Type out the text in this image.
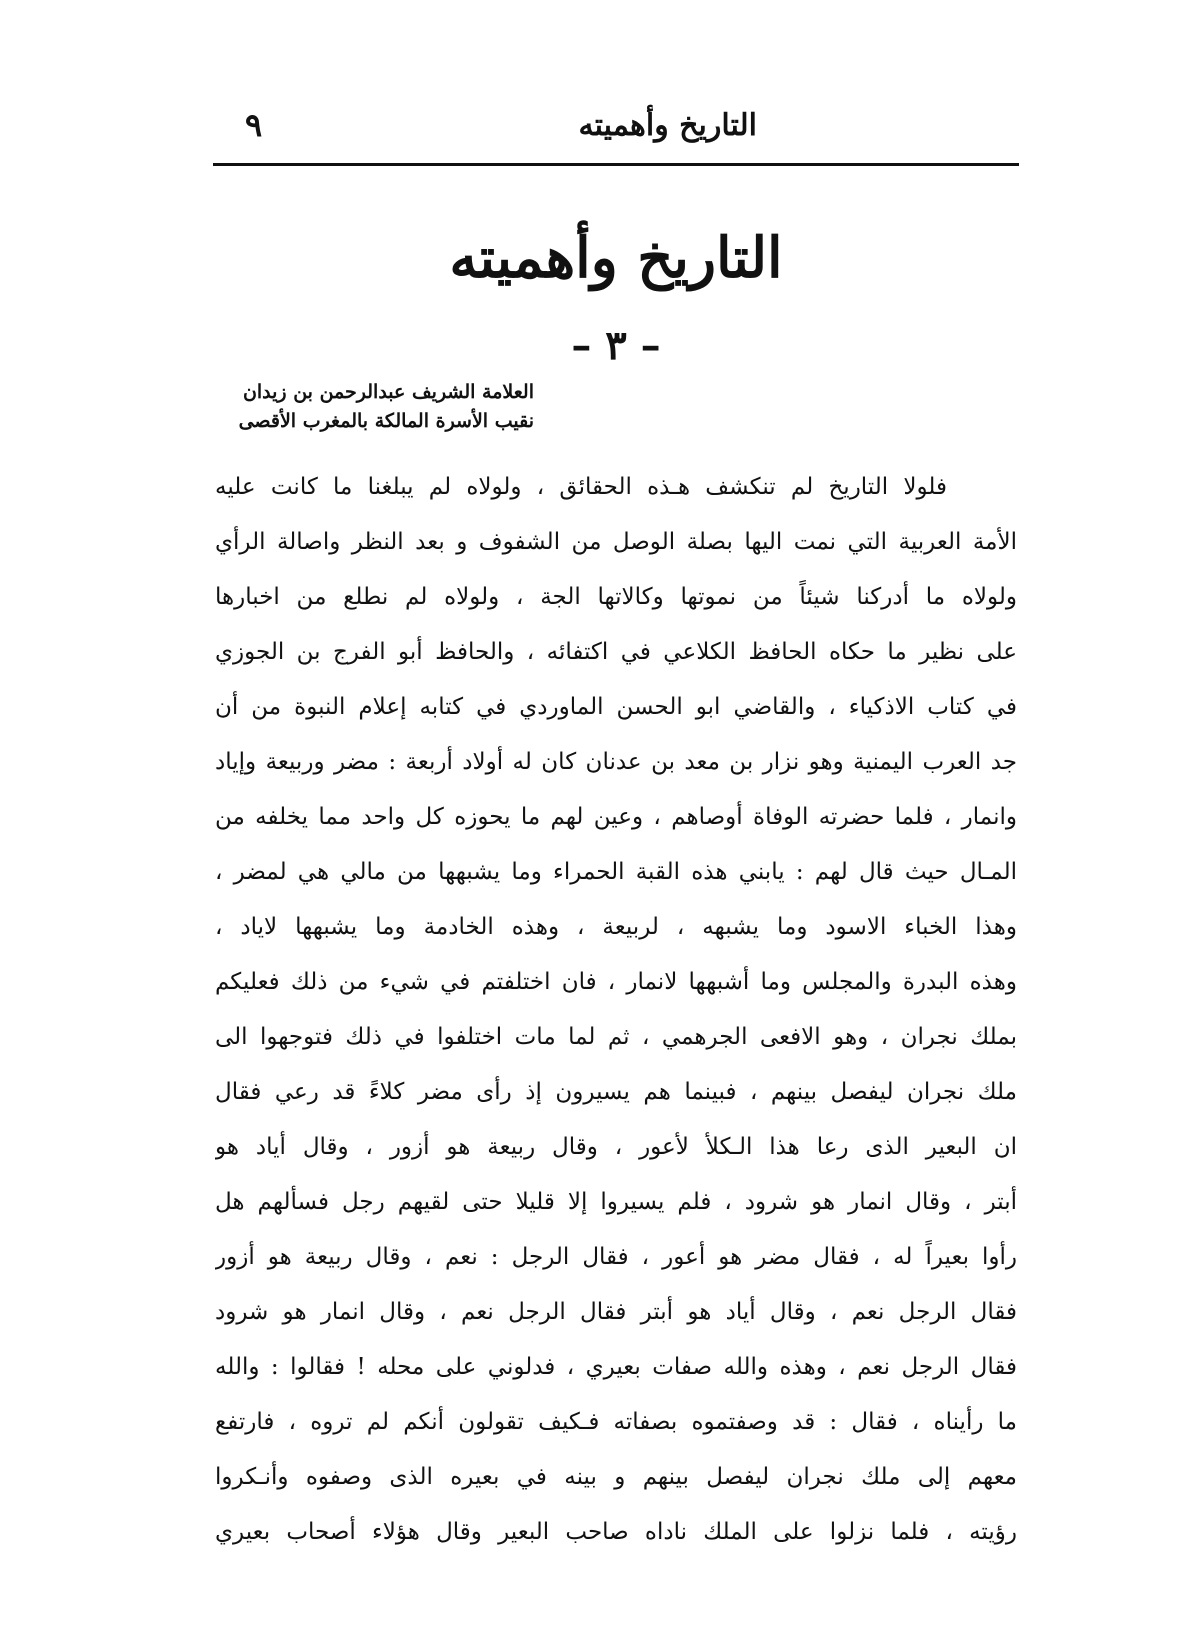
التاريخ وأهميته
٩
التاريخ وأهميته
– ٣ –
العلامة الشريف عبدالرحمن بن زيدان
نقيب الأسرة المالكة بالمغرب الأقصى
فلولا التاريخ لم تنكشف هـذه الحقائق ، ولولاه لم يبلغنا ما كانت عليه
الأمة العربية التي نمت اليها بصلة الوصل من الشفوف و بعد النظر واصالة الرأي
ولولاه ما أدركنا شيئاً من نموتها وكالاتها الجة ، ولولاه لم نطلع من اخبارها
على نظير ما حكاه الحافظ الكلاعي في اكتفائه ، والحافظ أبو الفرج بن الجوزي
في كتاب الاذكياء ، والقاضي ابو الحسن الماوردي في كتابه إعلام النبوة من أن
جد العرب اليمنية وهو نزار بن معد بن عدنان كان له أولاد أربعة : مضر وربيعة وإياد
وانمار ، فلما حضرته الوفاة أوصاهم ، وعين لهم ما يحوزه كل واحد مما يخلفه من
المـال حيث قال لهم : يابني هذه القبة الحمراء وما يشبهها من مالي هي لمضر ،
وهذا الخباء الاسود وما يشبهه ، لربيعة ، وهذه الخادمة وما يشبهها لاياد ،
وهذه البدرة والمجلس وما أشبهها لانمار ، فان اختلفتم في شيء من ذلك فعليكم
بملك نجران ، وهو الافعى الجرهمي ، ثم لما مات اختلفوا في ذلك فتوجهوا الى
ملك نجران ليفصل بينهم ، فبينما هم يسيرون إذ رأى مضر كلاءً قد رعي فقال
ان البعير الذى رعا هذا الـكلأ لأعور ، وقال ربيعة هو أزور ، وقال أياد هو
أبتر ، وقال انمار هو شرود ، فلم يسيروا إلا قليلا حتى لقيهم رجل فسألهم هل
رأوا بعيراً له ، فقال مضر هو أعور ، فقال الرجل : نعم ، وقال ربيعة هو أزور
فقال الرجل نعم ، وقال أياد هو أبتر فقال الرجل نعم ، وقال انمار هو شرود
فقال الرجل نعم ، وهذه والله صفات بعيري ، فدلوني على محله ! فقالوا : والله
ما رأيناه ، فقال : قد وصفتموه بصفاته فـكيف تقولون أنكم لم تروه ، فارتفع
معهم إلى ملك نجران ليفصل بينهم و بينه في بعيره الذى وصفوه وأنـكروا
رؤيته ، فلما نزلوا على الملك ناداه صاحب البعير وقال هؤلاء أصحاب بعيري
